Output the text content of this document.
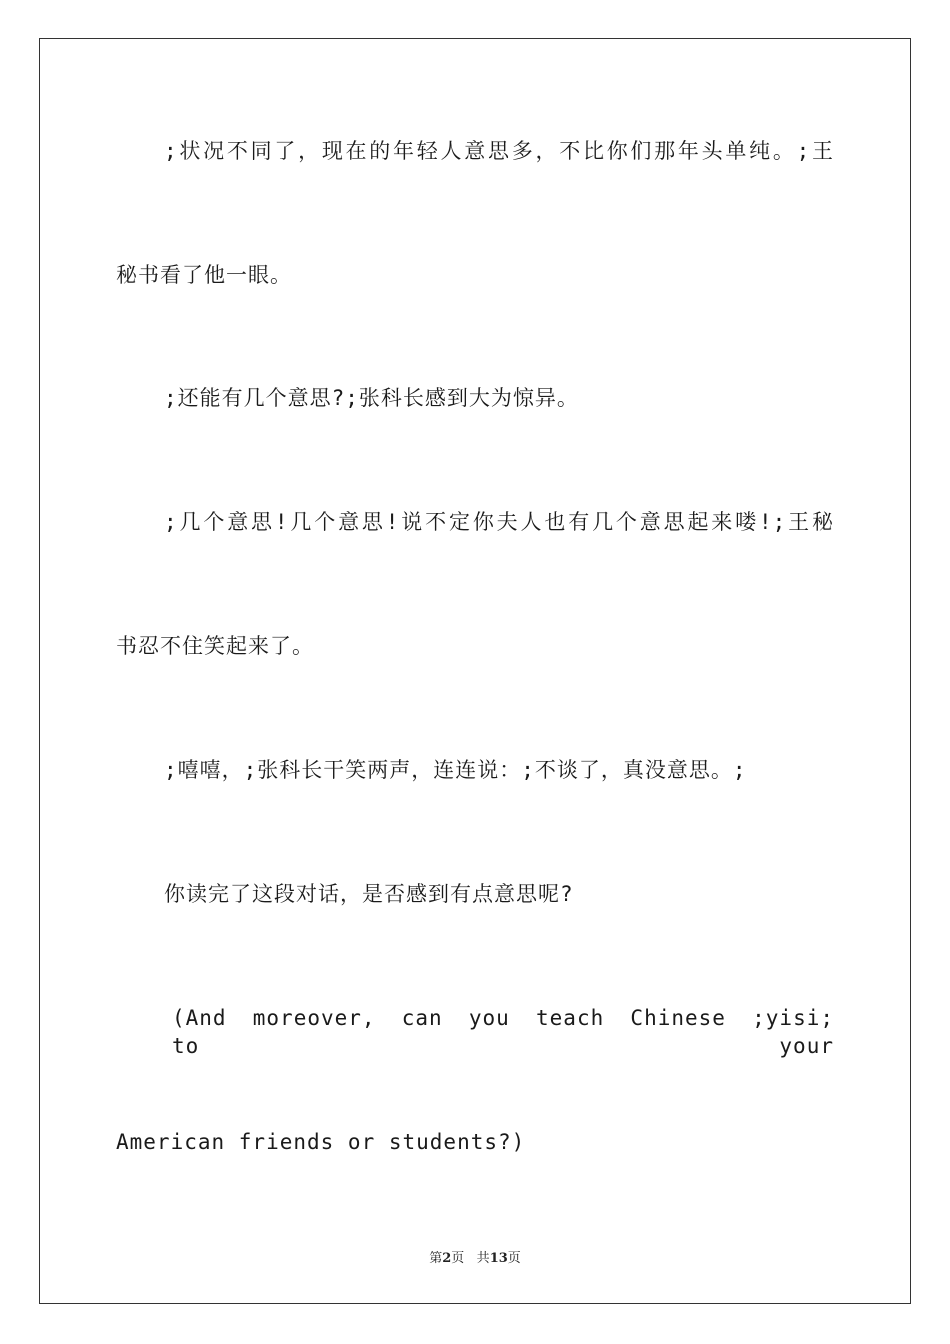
;状况不同了，现在的年轻人意思多，不比你们那年头单纯。;王
秘书看了他一眼。
;还能有几个意思?;张科长感到大为惊异。
;几个意思!几个意思!说不定你夫人也有几个意思起来喽!;王秘
书忍不住笑起来了。
;嘻嘻，;张科长干笑两声，连连说：;不谈了，真没意思。;
你读完了这段对话，是否感到有点意思呢?
(And moreover, can you teach Chinese ;yisi; to your
American friends or students?)
第2页 共13页
